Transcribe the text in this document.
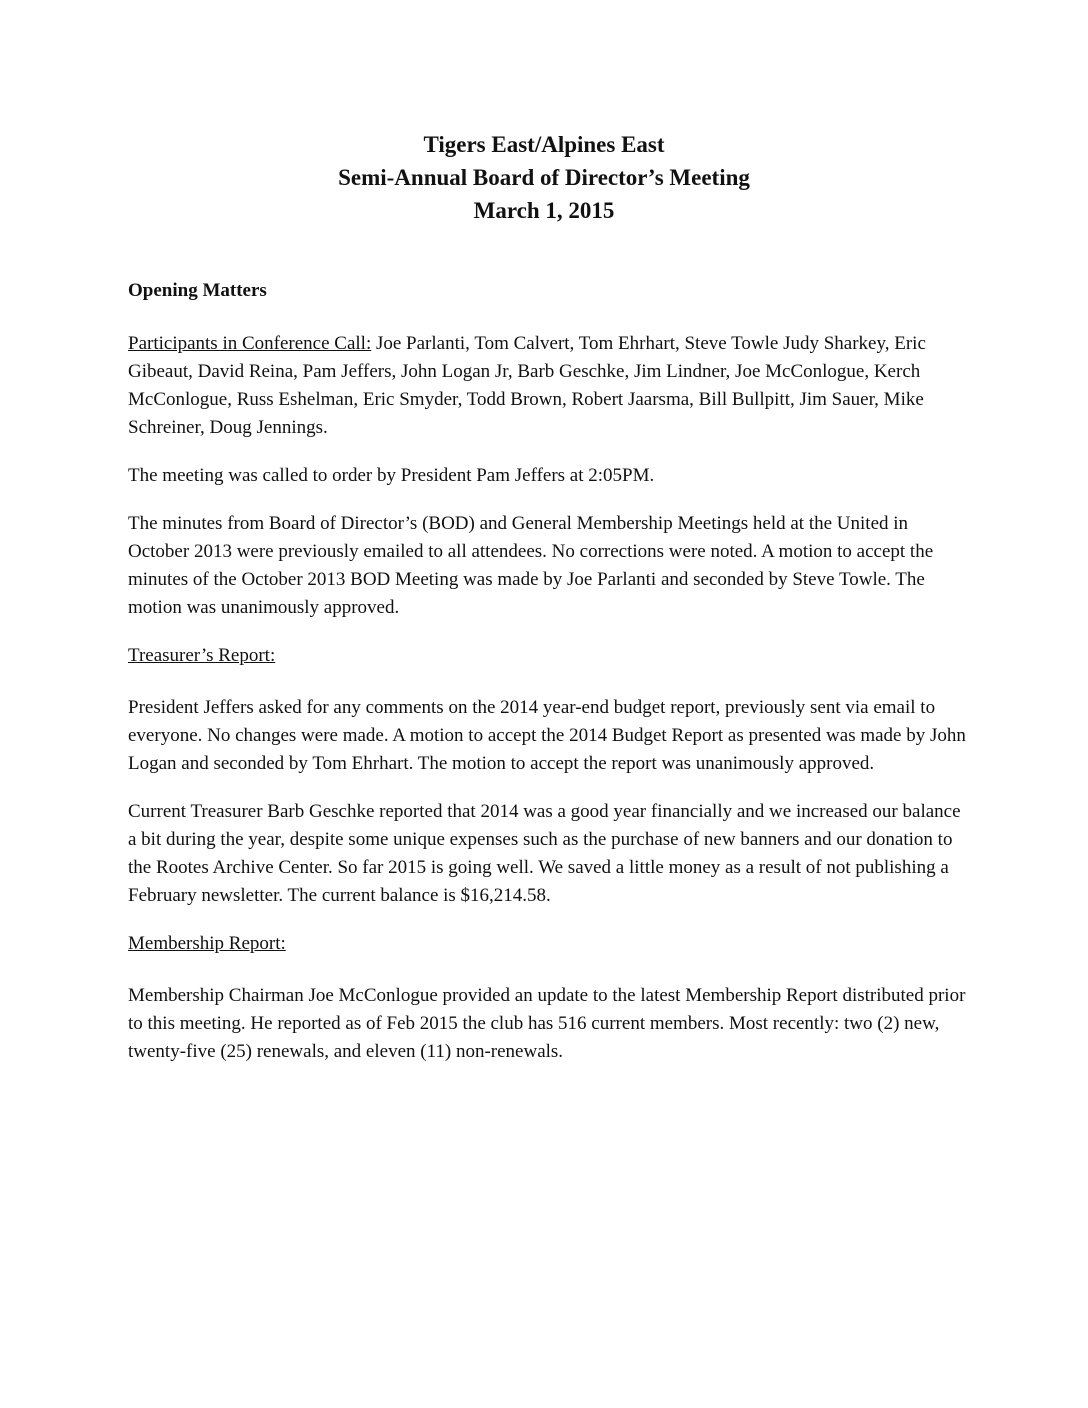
Tigers East/Alpines East
Semi-Annual Board of Director’s Meeting
March 1, 2015
Opening Matters

Participants in Conference Call: Joe Parlanti, Tom Calvert, Tom Ehrhart, Steve Towle Judy Sharkey, Eric Gibeaut, David Reina, Pam Jeffers, John Logan Jr, Barb Geschke, Jim Lindner, Joe McConlogue, Kerch McConlogue, Russ Eshelman, Eric Smyder, Todd Brown, Robert Jaarsma, Bill Bullpitt, Jim Sauer, Mike Schreiner, Doug Jennings.

The meeting was called to order by President Pam Jeffers at 2:05PM.

The minutes from Board of Director’s (BOD) and General Membership Meetings held at the United in October 2013 were previously emailed to all attendees. No corrections were noted. A motion to accept the minutes of the October 2013 BOD Meeting was made by Joe Parlanti and seconded by Steve Towle. The motion was unanimously approved.

Treasurer’s Report:

President Jeffers asked for any comments on the 2014 year-end budget report, previously sent via email to everyone. No changes were made. A motion to accept the 2014 Budget Report as presented was made by John Logan and seconded by Tom Ehrhart. The motion to accept the report was unanimously approved.

Current Treasurer Barb Geschke reported that 2014 was a good year financially and we increased our balance a bit during the year, despite some unique expenses such as the purchase of new banners and our donation to the Rootes Archive Center. So far 2015 is going well. We saved a little money as a result of not publishing a February newsletter. The current balance is $16,214.58.

Membership Report:

Membership Chairman Joe McConlogue provided an update to the latest Membership Report distributed prior to this meeting. He reported as of Feb 2015 the club has 516 current members. Most recently: two (2) new, twenty-five (25) renewals, and eleven (11) non-renewals.
